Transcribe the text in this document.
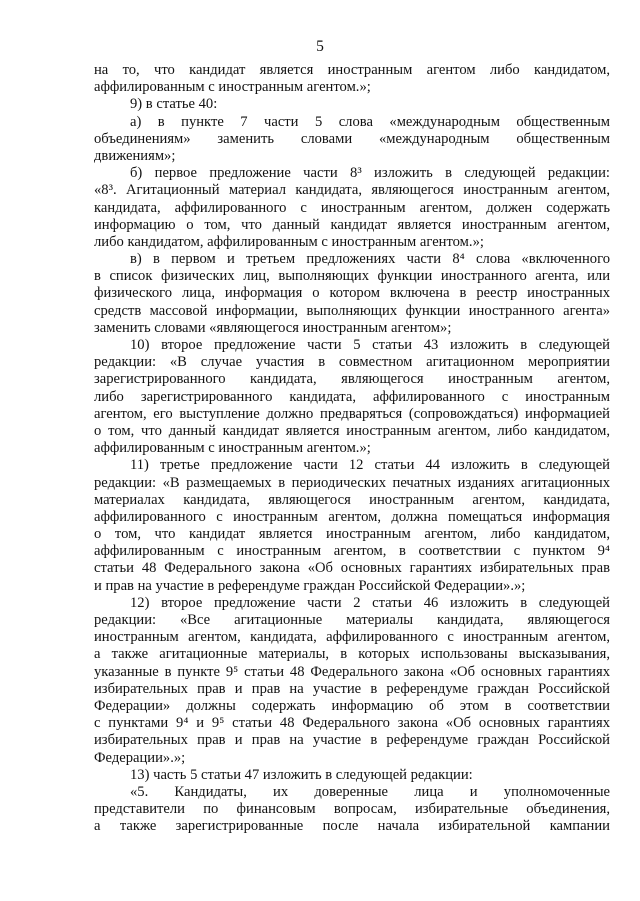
5
на то, что кандидат является иностранным агентом либо кандидатом,
аффилированным с иностранным агентом.»;
9) в статье 40:
а) в пункте 7 части 5 слова «международным общественным
объединениям» заменить словами «международным общественным
движениям»;
б) первое предложение части 8³ изложить в следующей редакции:
«8³. Агитационный материал кандидата, являющегося иностранным агентом,
кандидата, аффилированного с иностранным агентом, должен содержать
информацию о том, что данный кандидат является иностранным агентом,
либо кандидатом, аффилированным с иностранным агентом.»;
в) в первом и третьем предложениях части 8⁴ слова «включенного
в список физических лиц, выполняющих функции иностранного агента, или
физического лица, информация о котором включена в реестр иностранных
средств массовой информации, выполняющих функции иностранного агента»
заменить словами «являющегося иностранным агентом»;
10) второе предложение части 5 статьи 43 изложить в следующей
редакции: «В случае участия в совместном агитационном мероприятии
зарегистрированного кандидата, являющегося иностранным агентом,
либо зарегистрированного кандидата, аффилированного с иностранным
агентом, его выступление должно предваряться (сопровождаться) информацией
о том, что данный кандидат является иностранным агентом, либо кандидатом,
аффилированным с иностранным агентом.»;
11) третье предложение части 12 статьи 44 изложить в следующей
редакции: «В размещаемых в периодических печатных изданиях агитационных
материалах кандидата, являющегося иностранным агентом, кандидата,
аффилированного с иностранным агентом, должна помещаться информация
о том, что кандидат является иностранным агентом, либо кандидатом,
аффилированным с иностранным агентом, в соответствии с пунктом 9⁴
статьи 48 Федерального закона «Об основных гарантиях избирательных прав
и прав на участие в референдуме граждан Российской Федерации».»;
12) второе предложение части 2 статьи 46 изложить в следующей
редакции: «Все агитационные материалы кандидата, являющегося
иностранным агентом, кандидата, аффилированного с иностранным агентом,
а также агитационные материалы, в которых использованы высказывания,
указанные в пункте 9⁵ статьи 48 Федерального закона «Об основных гарантиях
избирательных прав и прав на участие в референдуме граждан Российской
Федерации» должны содержать информацию об этом в соответствии
с пунктами 9⁴ и 9⁵ статьи 48 Федерального закона «Об основных гарантиях
избирательных прав и прав на участие в референдуме граждан Российской
Федерации».»;
13) часть 5 статьи 47 изложить в следующей редакции:
«5. Кандидаты, их доверенные лица и уполномоченные
представители по финансовым вопросам, избирательные объединения,
а также зарегистрированные после начала избирательной кампании
